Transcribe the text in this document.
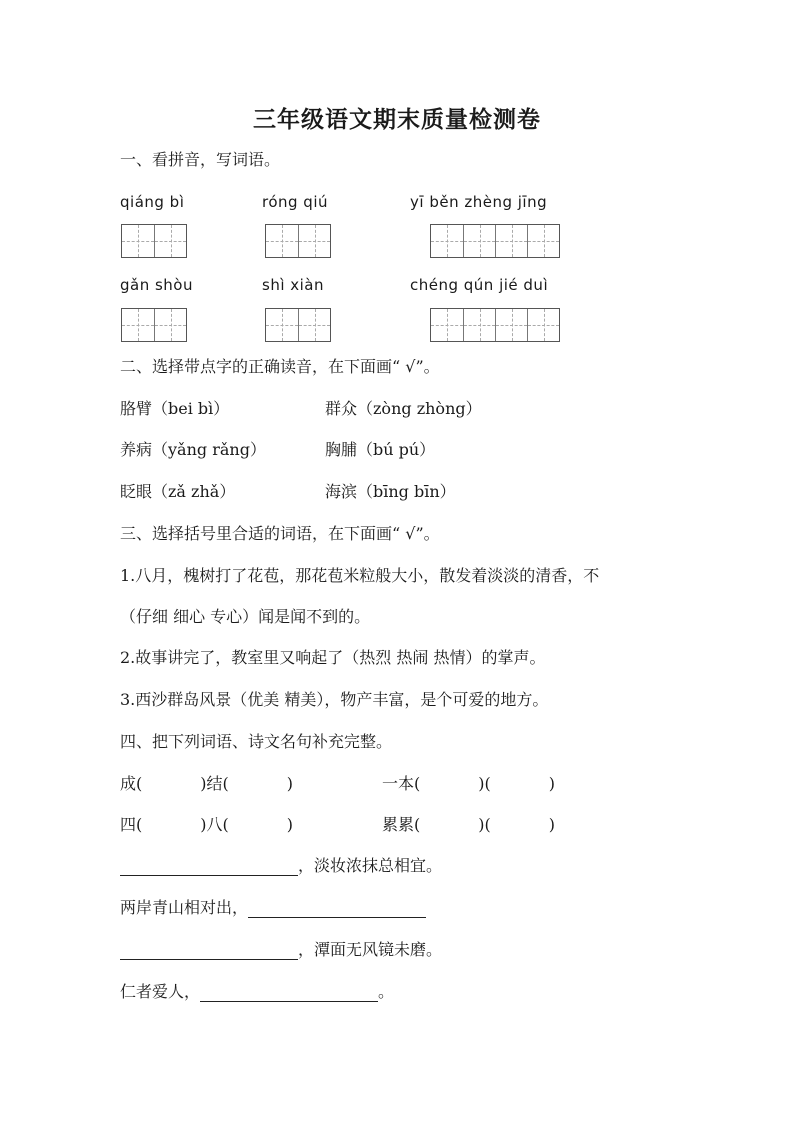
三年级语文期末质量检测卷
一、看拼音，写词语。
qiáng bì	róng qiú	yī běn zhèng jīng
gǎn shòu	shì xiàn	chéng qún jié duì
二、选择带点字的正确读音，在下面画“ √”。
胳臂（bei bì）	群众（zòng zhòng）
养病（yǎng rǎng）	胸脯（bú pú）
眨眼（zǎ zhǎ）	海滨（bīng bīn）
三、选择括号里合适的词语，在下面画“ √”。
1.八月，槐树打了花苞，那花苞米粒般大小，散发着淡淡的清香，不
（仔细 细心 专心）闻是闻不到的。
2.故事讲完了，教室里又响起了（热烈 热闹 热情）的掌声。
3.西沙群岛风景（优美 精美），物产丰富，是个可爱的地方。
四、把下列词语、诗文名句补充完整。
成(	)结(	)	一本(	)(	)
四(	)八(	)	累累(	)(	)
，淡妆浓抹总相宜。
两岸青山相对出，
，潭面无风镜未磨。
仁者爱人，	。
